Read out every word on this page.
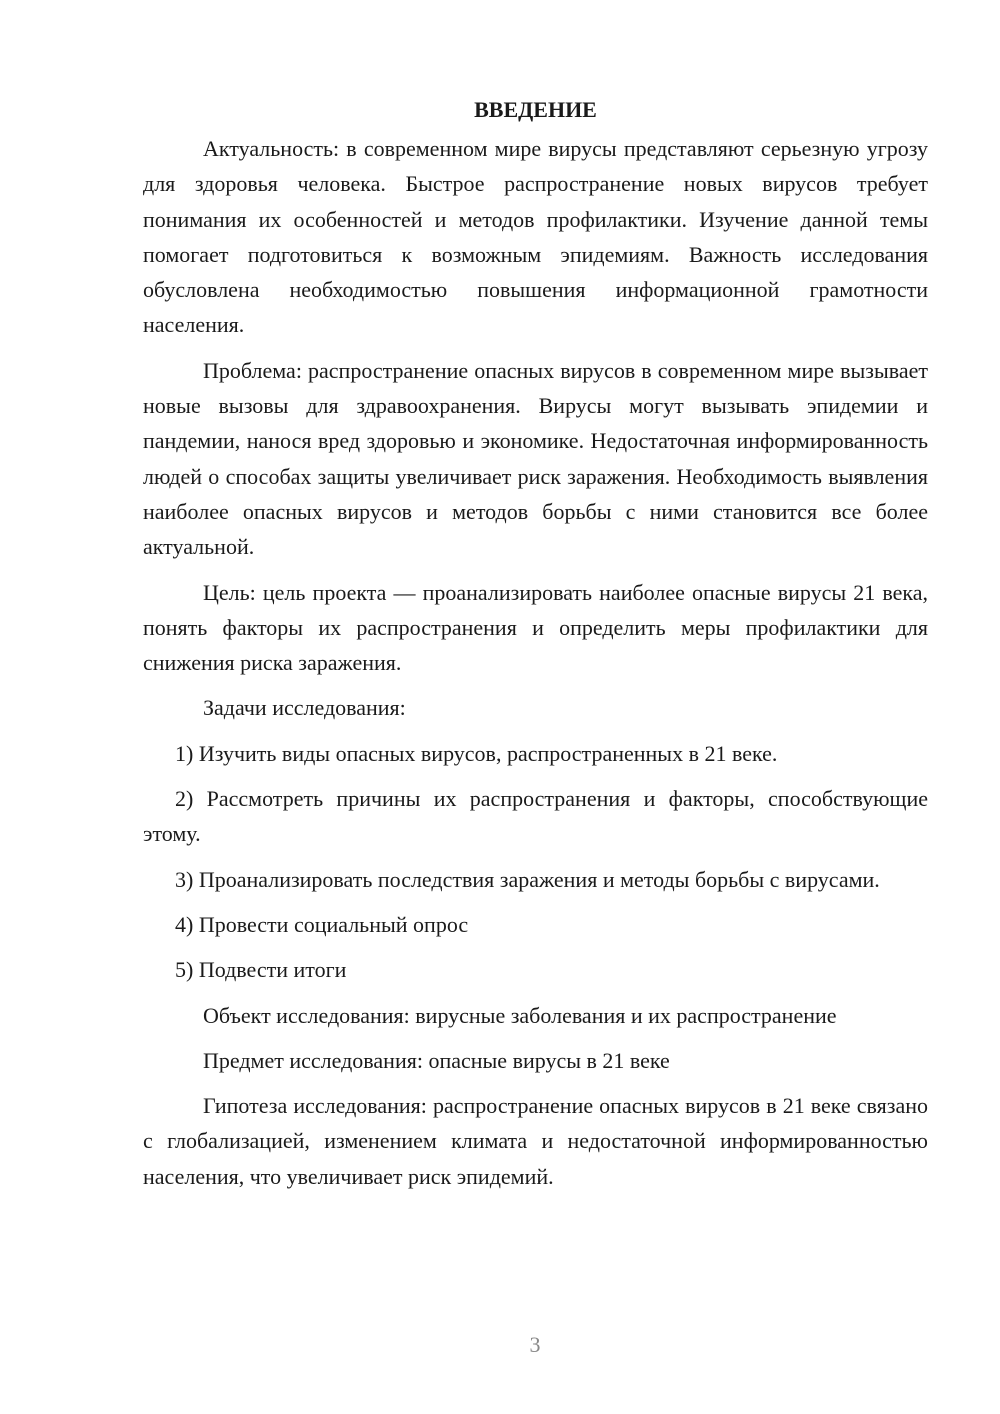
ВВЕДЕНИЕ

Актуальность: в современном мире вирусы представляют серьезную угрозу для здоровья человека. Быстрое распространение новых вирусов требует понимания их особенностей и методов профилактики. Изучение данной темы помогает подготовиться к возможным эпидемиям. Важность исследования обусловлена необходимостью повышения информационной грамотности населения.

Проблема: распространение опасных вирусов в современном мире вызывает новые вызовы для здравоохранения. Вирусы могут вызывать эпидемии и пандемии, нанося вред здоровью и экономике. Недостаточная информированность людей о способах защиты увеличивает риск заражения. Необходимость выявления наиболее опасных вирусов и методов борьбы с ними становится все более актуальной.

Цель: цель проекта — проанализировать наиболее опасные вирусы 21 века, понять факторы их распространения и определить меры профилактики для снижения риска заражения.

Задачи исследования:

1) Изучить виды опасных вирусов, распространенных в 21 веке.

2) Рассмотреть причины их распространения и факторы, способствующие этому.

3) Проанализировать последствия заражения и методы борьбы с вирусами.

4) Провести социальный опрос

5) Подвести итоги

Объект исследования: вирусные заболевания и их распространение

Предмет исследования: опасные вирусы в 21 веке

Гипотеза исследования: распространение опасных вирусов в 21 веке связано с глобализацией, изменением климата и недостаточной информированностью населения, что увеличивает риск эпидемий.

3
